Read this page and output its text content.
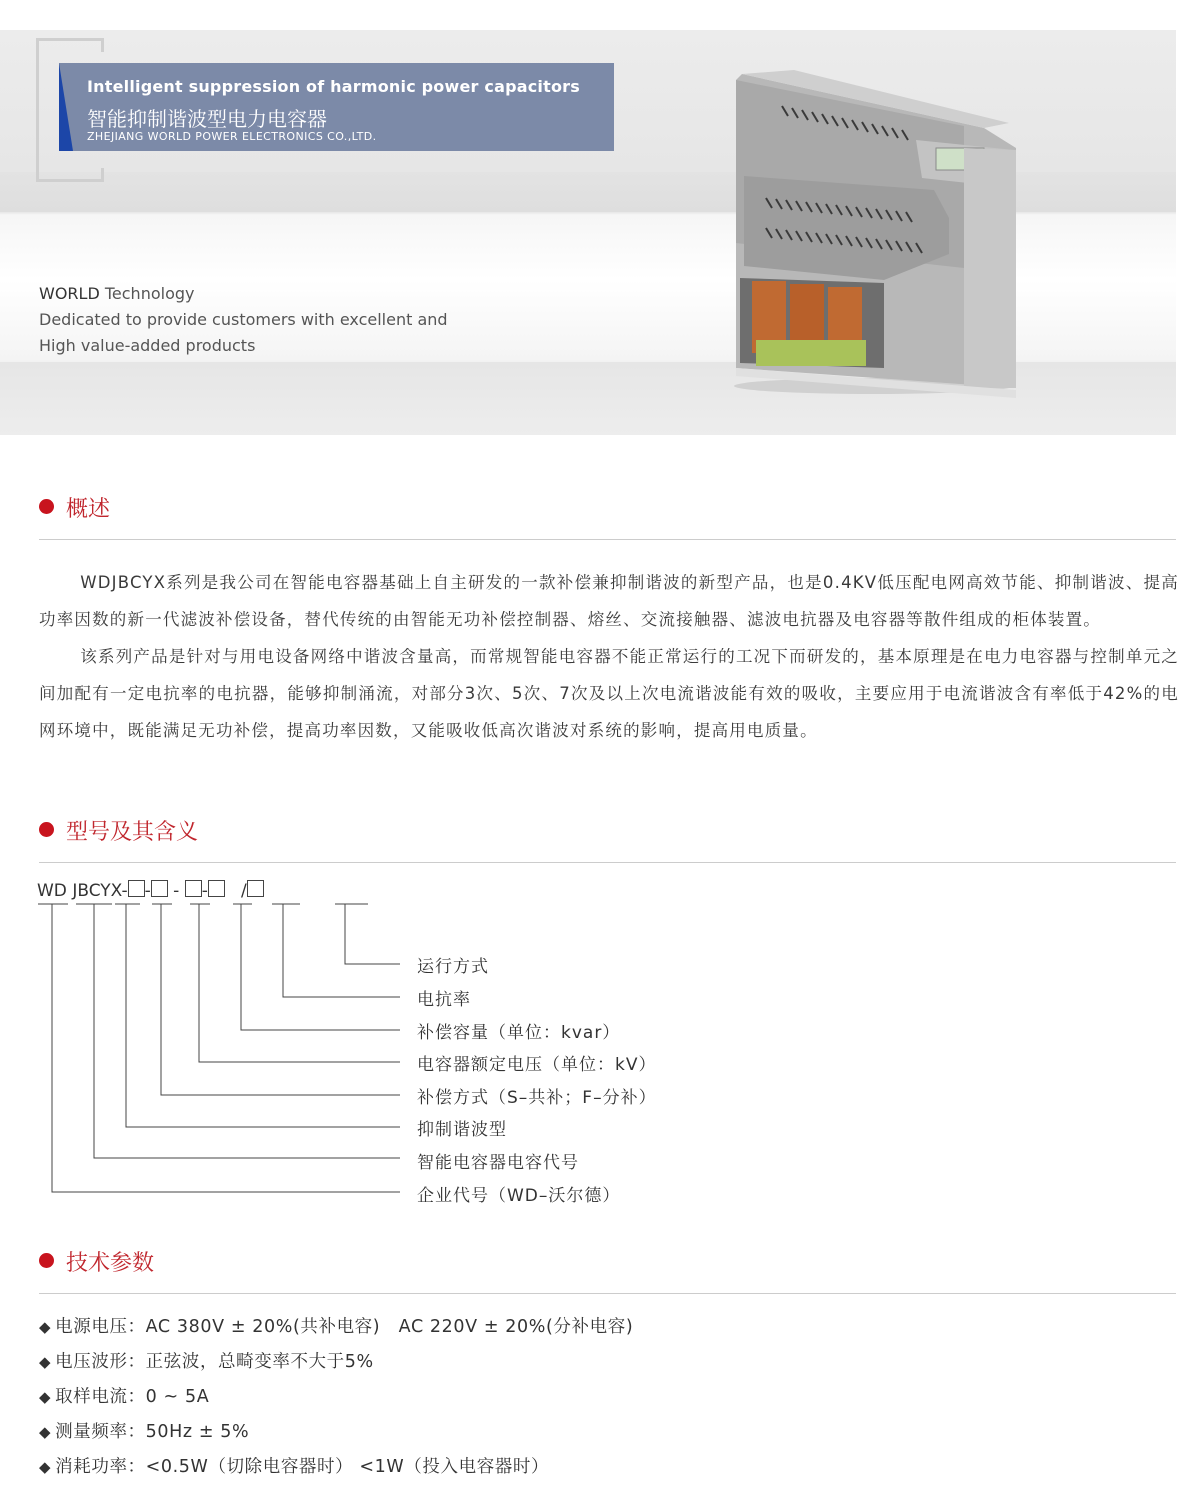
Intelligent suppression of harmonic power capacitors
智能抑制谐波型电力电容器
ZHEJIANG WORLD POWER ELECTRONICS CO.,LTD.
WORLD Technology
Dedicated to provide customers with excellent and
High value-added products
概述

WDJBCYX系列是我公司在智能电容器基础上自主研发的一款补偿兼抑制谐波的新型产品，也是0.4KV低压配电网高效节能、抑制谐波、提高功率因数的新一代滤波补偿设备，替代传统的由智能无功补偿控制器、熔丝、交流接触器、滤波电抗器及电容器等散件组成的柜体装置。

该系列产品是针对与用电设备网络中谐波含量高，而常规智能电容器不能正常运行的工况下而研发的，基本原理是在电力电容器与控制单元之间加配有一定电抗率的电抗器，能够抑制涌流，对部分3次、5次、7次及以上次电流谐波能有效的吸收，主要应用于电流谐波含有率低于42%的电网环境中，既能满足无功补偿，提高功率因数，又能吸收低高次谐波对系统的影响，提高用电质量。

型号及其含义
WD JBCYX- - - - /
运行方式
电抗率
补偿容量（单位：kvar）
电容器额定电压（单位：kV）
补偿方式（S–共补；F–分补）
抑制谐波型
智能电容器电容代号
企业代号（WD–沃尔德）
技术参数
◆ 电源电压：AC 380V ± 20%(共补电容)   AC 220V ± 20%(分补电容)
◆ 电压波形：正弦波，总畸变率不大于5%
◆ 取样电流：0 ~ 5A
◆ 测量频率：50Hz ± 5%
◆ 消耗功率：<0.5W（切除电容器时） <1W（投入电容器时）
